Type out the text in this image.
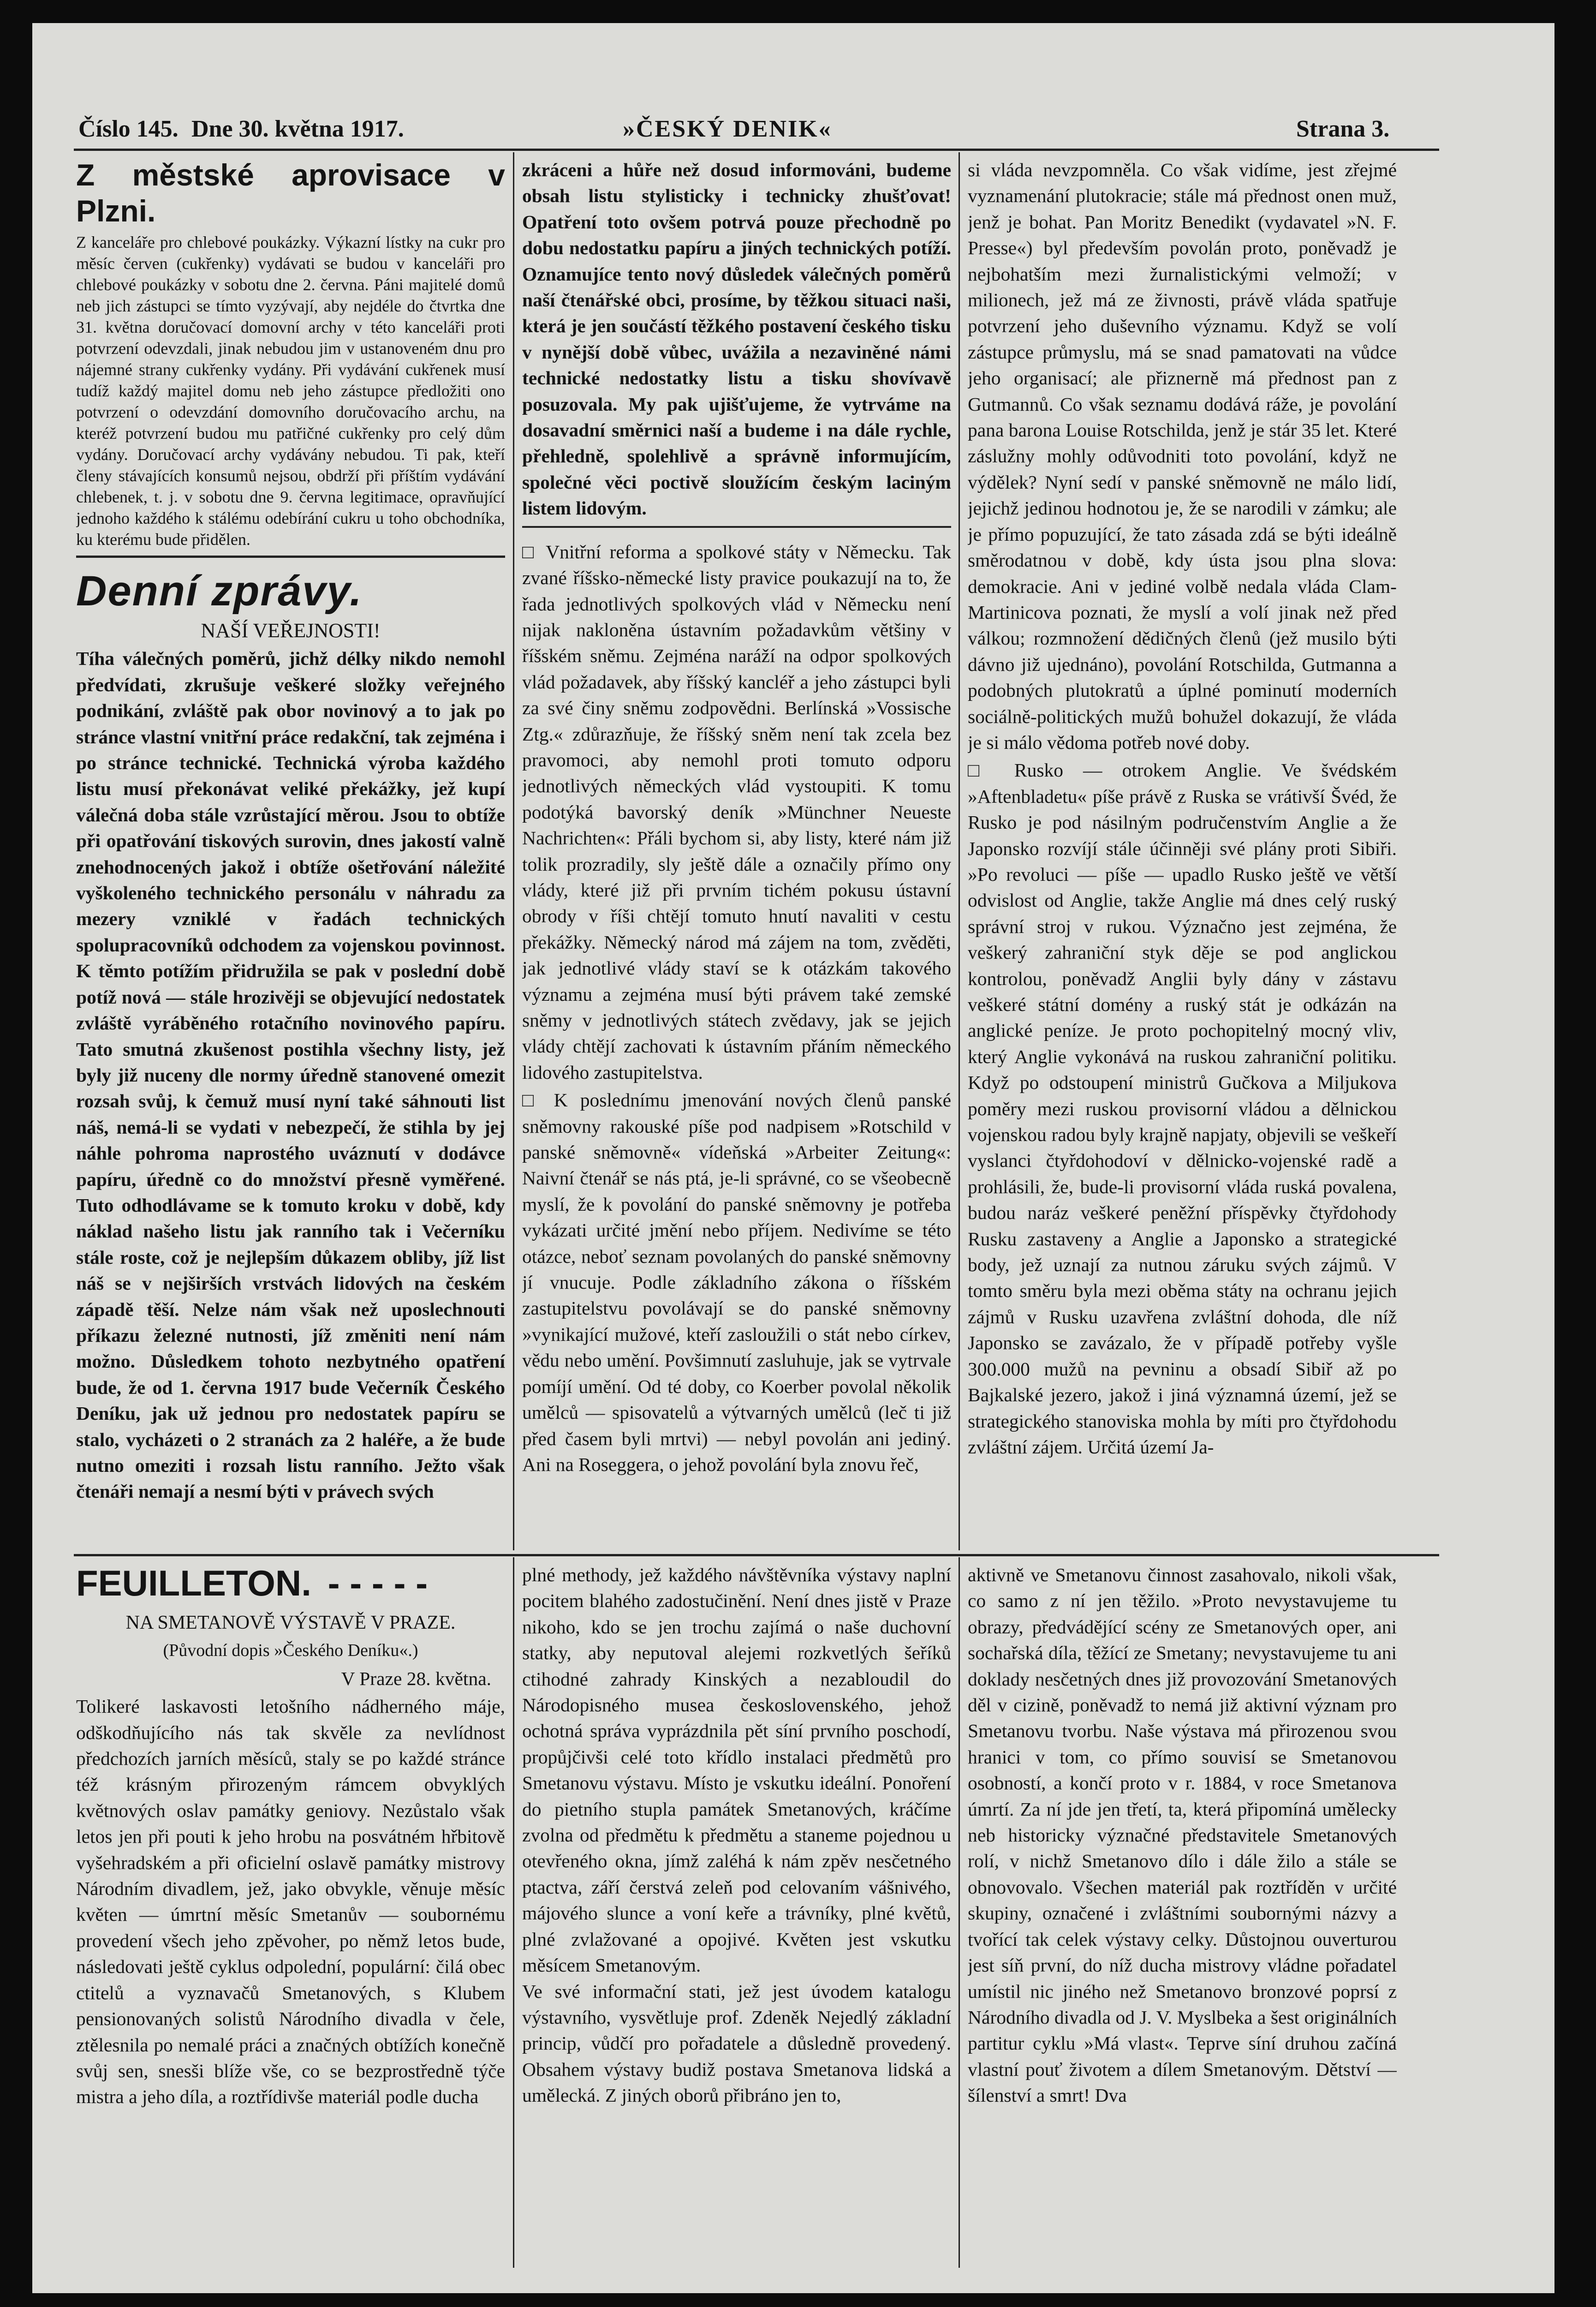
Číslo 145. Dne 30. května 1917.	»ČESKÝ DENIK«	Strana 3.
Z městské aprovisace v Plzni.

Z kanceláře pro chlebové poukázky. Výkazní lístky na cukr pro měsíc červen (cukřenky) vydávati se budou v kanceláři pro chlebové poukázky v sobotu dne 2. června. Páni majitelé domů neb jich zástupci se tímto vyzývají, aby nejdéle do čtvrtka dne 31. května doručovací domovní archy v této kanceláři proti potvrzení odevzdali, jinak nebudou jim v ustanoveném dnu pro nájemné strany cukřenky vydány. Při vydávání cukřenek musí tudíž každý majitel domu neb jeho zástupce předložiti ono potvrzení o odevzdání domovního doručovacího archu, na kteréž potvrzení budou mu patřičné cukřenky pro celý dům vydány. Doručovací archy vydávány nebudou. Ti pak, kteří členy stávajících konsumů nejsou, obdrží při příštím vydávání chlebenek, t. j. v sobotu dne 9. června legitimace, opravňující jednoho každého k stálému odebírání cukru u toho obchodníka, ku kterému bude přidělen.

Denní zprávy.

NAŠÍ VEŘEJNOSTI!

Tíha válečných poměrů, jichž délky nikdo nemohl předvídati, zkrušuje veškeré složky veřejného podnikání, zvláště pak obor novinový a to jak po stránce vlastní vnitřní práce redakční, tak zejména i po stránce technické. Technická výroba každého listu musí překonávat veliké překážky, jež kupí válečná doba stále vzrůstající měrou. Jsou to obtíže při opatřování tiskových surovin, dnes jakostí valně znehodnocených jakož i obtíže ošetřování náležité vyškoleného technického personálu v náhradu za mezery vzniklé v řadách technických spolupracovníků odchodem za vojenskou povinnost. K těmto potížím přidružila se pak v poslední době potíž nová — stále hrozivěji se objevující nedostatek zvláště vyráběného rotačního novinového papíru. Tato smutná zkušenost postihla všechny listy, jež byly již nuceny dle normy úředně stanovené omezit rozsah svůj, k čemuž musí nyní také sáhnouti list náš, nemá-li se vydati v nebezpečí, že stihla by jej náhle pohroma naprostého uváznutí v dodávce papíru, úředně co do množství přesně vyměřené. Tuto odhodlávame se k tomuto kroku v době, kdy náklad našeho listu jak ranního tak i Večerníku stále roste, což je nejlepším důkazem obliby, jíž list náš se v nejširších vrstvách lidových na českém západě těší. Nelze nám však než uposlechnouti příkazu železné nutnosti, jíž změniti není nám možno. Důsledkem tohoto nezbytného opatření bude, že od 1. června 1917 bude Večerník Českého Deníku, jak už jednou pro nedostatek papíru se stalo, vycházeti o 2 stranách za 2 haléře, a že bude nutno omeziti i rozsah listu ranního. Ježto však čtenáři nemají a nesmí býti v právech svých

zkráceni a hůře než dosud informováni, budeme obsah listu stylisticky i technicky zhušťovat! Opatření toto ovšem potrvá pouze přechodně po dobu nedostatku papíru a jiných technických potíží. Oznamujíce tento nový důsledek válečných poměrů naší čtenářské obci, prosíme, by těžkou situaci naši, která je jen součástí těžkého postavení českého tisku v nynější době vůbec, uvážila a nezaviněné námi technické nedostatky listu a tisku shovívavě posuzovala. My pak ujišťujeme, že vytrváme na dosavadní směrnici naší a budeme i na dále rychle, přehledně, spolehlivě a správně informujícím, společné věci poctivě sloužícím českým laciným listem lidovým.

□ Vnitřní reforma a spolkové státy v Německu. Tak zvané říšsko-německé listy pravice poukazují na to, že řada jednotlivých spolkových vlád v Německu není nijak nakloněna ústavním požadavkům většiny v říšském sněmu. Zejména naráží na odpor spolkových vlád požadavek, aby říšský kancléř a jeho zástupci byli za své činy sněmu zodpovědni. Berlínská »Vossische Ztg.« zdůrazňuje, že říšský sněm není tak zcela bez pravomoci, aby nemohl proti tomuto odporu jednotlivých německých vlád vystoupiti. K tomu podotýká bavorský deník »Münchner Neueste Nachrichten«: Přáli bychom si, aby listy, které nám již tolik prozradily, sly ještě dále a označily přímo ony vlády, které již při prvním tichém pokusu ústavní obrody v říši chtějí tomuto hnutí navaliti v cestu překážky. Německý národ má zájem na tom, zvěděti, jak jednotlivé vlády staví se k otázkám takového významu a zejména musí býti právem také zemské sněmy v jednotlivých státech zvědavy, jak se jejich vlády chtějí zachovati k ústavním přáním německého lidového zastupitelstva.

□ K poslednímu jmenování nových členů panské sněmovny rakouské píše pod nadpisem »Rotschild v panské sněmovně« vídeňská »Arbeiter Zeitung«: Naivní čtenář se nás ptá, je-li správné, co se všeobecně myslí, že k povolání do panské sněmovny je potřeba vykázati určité jmění nebo příjem. Nedivíme se této otázce, neboť seznam povolaných do panské sněmovny jí vnucuje. Podle základního zákona o říšském zastupitelstvu povolávají se do panské sněmovny »vynikající mužové, kteří zasloužili o stát nebo církev, vědu nebo umění. Povšimnutí zasluhuje, jak se vytrvale pomíjí umění. Od té doby, co Koerber povolal několik umělců — spisovatelů a výtvarných umělců (leč ti již před časem byli mrtvi) — nebyl povolán ani jediný. Ani na Roseggera, o jehož povolání byla znovu řeč,

si vláda nevzpomněla. Co však vidíme, jest zřejmé vyznamenání plutokracie; stále má přednost onen muž, jenž je bohat. Pan Moritz Benedikt (vydavatel »N. F. Presse«) byl především povolán proto, poněvadž je nejbohatším mezi žurnalistickými velmoží; v milionech, jež má ze živnosti, právě vláda spatřuje potvrzení jeho duševního významu. Když se volí zástupce průmyslu, má se snad pamatovati na vůdce jeho organisací; ale přiznerně má přednost pan z Gutmannů. Co však seznamu dodává ráže, je povolání pana barona Louise Rotschilda, jenž je stár 35 let. Které záslužny mohly odůvodniti toto povolání, když ne výdělek? Nyní sedí v panské sněmovně ne málo lidí, jejichž jedinou hodnotou je, že se narodili v zámku; ale je přímo popuzující, že tato zásada zdá se býti ideálně směrodatnou v době, kdy ústa jsou plna slova: demokracie. Ani v jediné volbě nedala vláda Clam-Martinicova poznati, že myslí a volí jinak než před válkou; rozmnožení dědičných členů (jež musilo býti dávno již ujednáno), povolání Rotschilda, Gutmanna a podobných plutokratů a úplné pominutí moderních sociálně-politických mužů bohužel dokazují, že vláda je si málo vědoma potřeb nové doby.

□ Rusko — otrokem Anglie. Ve švédském »Aftenbladetu« píše právě z Ruska se vrátivší Švéd, že Rusko je pod násilným područenstvím Anglie a že Japonsko rozvíjí stále účinněji své plány proti Sibiři. »Po revoluci — píše — upadlo Rusko ještě ve větší odvislost od Anglie, takže Anglie má dnes celý ruský správní stroj v rukou. Význačno jest zejména, že veškerý zahraniční styk děje se pod anglickou kontrolou, poněvadž Anglii byly dány v zástavu veškeré státní domény a ruský stát je odkázán na anglické peníze. Je proto pochopitelný mocný vliv, který Anglie vykonává na ruskou zahraniční politiku. Když po odstoupení ministrů Gučkova a Miljukova poměry mezi ruskou provisorní vládou a dělnickou vojenskou radou byly krajně napjaty, objevili se veškeří vyslanci čtyřdohodoví v dělnicko-vojenské radě a prohlásili, že, bude-li provisorní vláda ruská povalena, budou naráz veškeré peněžní příspěvky čtyřdohody Rusku zastaveny a Anglie a Japonsko a strategické body, jež uznají za nutnou záruku svých zájmů. V tomto směru byla mezi oběma státy na ochranu jejich zájmů v Rusku uzavřena zvláštní dohoda, dle níž Japonsko se zavázalo, že v případě potřeby vyšle 300.000 mužů na pevninu a obsadí Sibiř až po Bajkalské jezero, jakož i jiná významná území, jež se strategického stanoviska mohla by míti pro čtyřdohodu zvláštní zájem. Určitá území Ja-

FEUILLETON. - - - - -

NA SMETANOVĚ VÝSTAVĚ V PRAZE.

(Původní dopis »Českého Deníku«.)

V Praze 28. května.

Tolikeré laskavosti letošního nádherného máje, odškodňujícího nás tak skvěle za nevlídnost předchozích jarních měsíců, staly se po každé stránce též krásným přirozeným rámcem obvyklých květnových oslav památky geniovy. Nezůstalo však letos jen při pouti k jeho hrobu na posvátném hřbitově vyšehradském a při oficielní oslavě památky mistrovy Národním divadlem, jež, jako obvykle, věnuje měsíc květen — úmrtní měsíc Smetanův — soubornému provedení všech jeho zpěvoher, po němž letos bude, následovati ještě cyklus odpolední, populární: čilá obec ctitelů a vyznavačů Smetanových, s Klubem pensionovaných solistů Národního divadla v čele, ztělesnila po nemalé práci a značných obtížích konečně svůj sen, snesši blíže vše, co se bezprostředně týče mistra a jeho díla, a roztřídivše materiál podle ducha

plné methody, jež každého návštěvníka výstavy naplní pocitem blahého zadostučinění. Není dnes jistě v Praze nikoho, kdo se jen trochu zajímá o naše duchovní statky, aby neputoval alejemi rozkvetlých šeříků ctihodné zahrady Kinských a nezabloudil do Národopisného musea československého, jehož ochotná správa vyprázdnila pět síní prvního poschodí, propůjčivši celé toto křídlo instalaci předmětů pro Smetanovu výstavu. Místo je vskutku ideální. Ponoření do pietního stupla památek Smetanových, kráčíme zvolna od předmětu k předmětu a staneme pojednou u otevřeného okna, jímž zaléhá k nám zpěv nesčetného ptactva, září čerstvá zeleň pod celovaním vášnivého, májového slunce a voní keře a trávníky, plné květů, plné zvlažované a opojivé. Květen jest vskutku měsícem Smetanovým.
Ve své informační stati, jež jest úvodem katalogu výstavního, vysvětluje prof. Zdeněk Nejedlý základní princip, vůdčí pro pořadatele a důsledně provedený. Obsahem výstavy budiž postava Smetanova lidská a umělecká. Z jiných oborů přibráno jen to,

aktivně ve Smetanovu činnost zasahovalo, nikoli však, co samo z ní jen těžilo. »Proto nevystavujeme tu obrazy, předvádějící scény ze Smetanových oper, ani sochařská díla, těžící ze Smetany; nevystavujeme tu ani doklady nesčetných dnes již provozování Smetanových děl v cizině, poněvadž to nemá již aktivní význam pro Smetanovu tvorbu. Naše výstava má přirozenou svou hranici v tom, co přímo souvisí se Smetanovou osobností, a končí proto v r. 1884, v roce Smetanova úmrtí. Za ní jde jen třetí, ta, která připomíná umělecky neb historicky význačné představitele Smetanových rolí, v nichž Smetanovo dílo i dále žilo a stále se obnovovalo. Všechen materiál pak roztříděn v určité skupiny, označené i zvláštními soubornými názvy a tvořící tak celek výstavy celky. Důstojnou ouverturou jest síň první, do níž ducha mistrovy vládne pořadatel umístil nic jiného než Smetanovo bronzové poprsí z Národního divadla od J. V. Myslbeka a šest originálních partitur cyklu »Má vlast«. Teprve síní druhou začíná vlastní pouť životem a dílem Smetanovým. Dětství — šílenství a smrt! Dva
